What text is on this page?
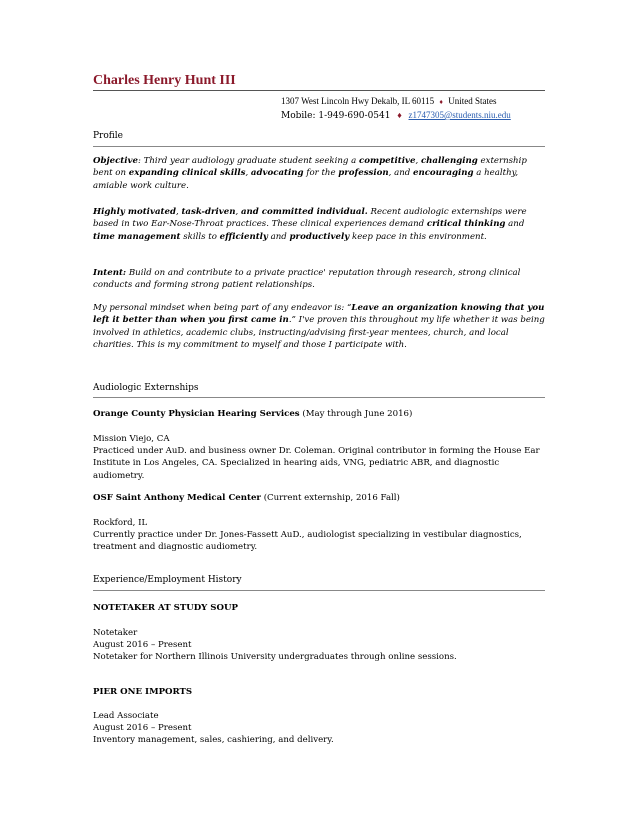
Charles Henry Hunt III
1307 West Lincoln Hwy Dekalb, IL 60115 ♦ United States
Mobile: 1-949-690-0541 ♦ z1747305@students.niu.edu
Profile
Objective: Third year audiology graduate student seeking a competitive, challenging externship bent on expanding clinical skills, advocating for the profession, and encouraging a healthy, amiable work culture.
Highly motivated, task-driven, and committed individual. Recent audiologic externships were based in two Ear-Nose-Throat practices. These clinical experiences demand critical thinking and time management skills to efficiently and productively keep pace in this environment.
Intent: Build on and contribute to a private practice' reputation through research, strong clinical conducts and forming strong patient relationships.
My personal mindset when being part of any endeavor is: “Leave an organization knowing that you left it better than when you first came in.” I've proven this throughout my life whether it was being involved in athletics, academic clubs, instructing/advising first-year mentees, church, and local charities. This is my commitment to myself and those I participate with.
Audiologic Externships
Orange County Physician Hearing Services (May through June 2016)
Mission Viejo, CA
Practiced under AuD. and business owner Dr. Coleman. Original contributor in forming the House Ear Institute in Los Angeles, CA. Specialized in hearing aids, VNG, pediatric ABR, and diagnostic audiometry.
OSF Saint Anthony Medical Center (Current externship, 2016 Fall)
Rockford, IL
Currently practice under Dr. Jones-Fassett AuD., audiologist specializing in vestibular diagnostics, treatment and diagnostic audiometry.
Experience/Employment History
NOTETAKER AT STUDY SOUP
Notetaker
August 2016 – Present
Notetaker for Northern Illinois University undergraduates through online sessions.
PIER ONE IMPORTS
Lead Associate
August 2016 – Present
Inventory management, sales, cashiering, and delivery.
